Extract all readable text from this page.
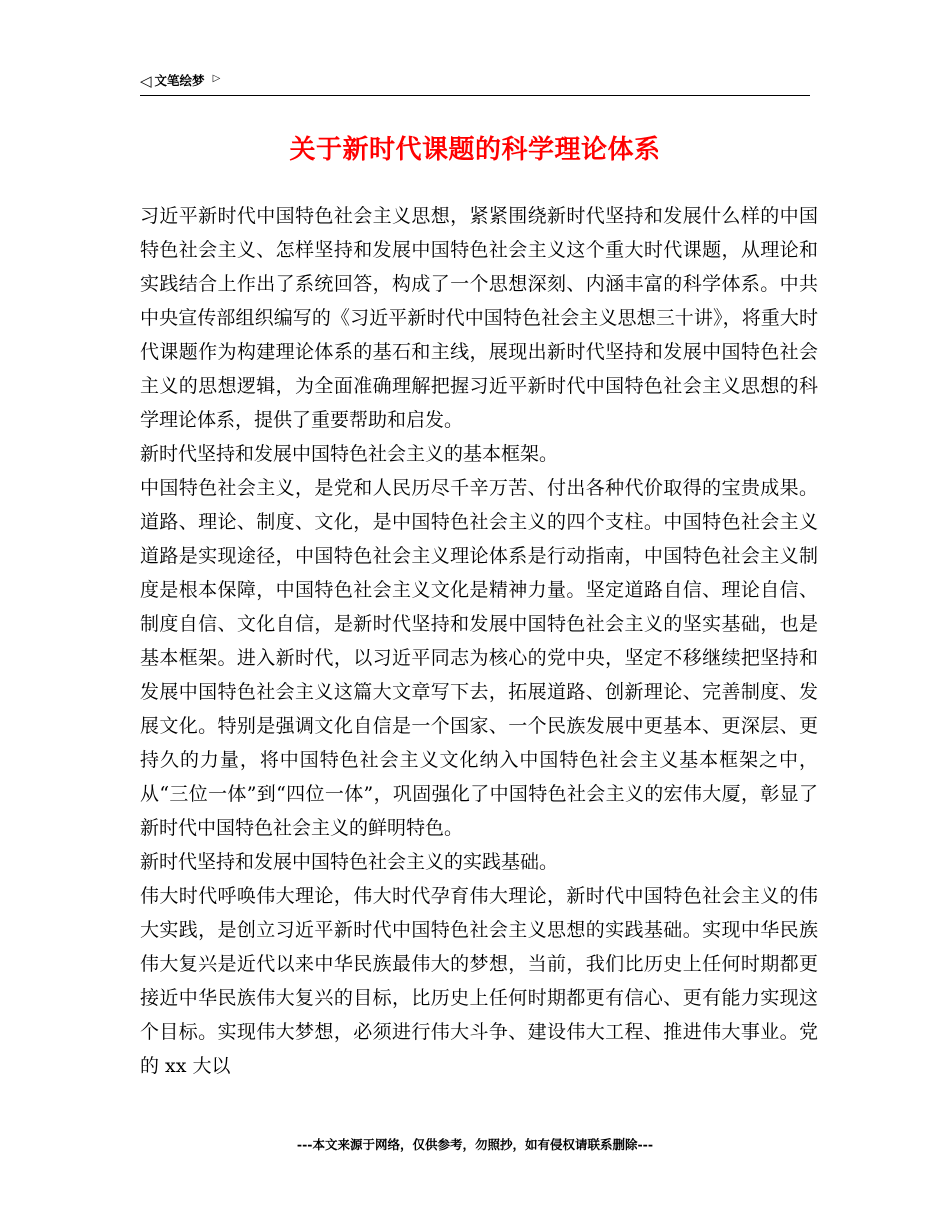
◁ 文笔绘梦 ▷
关于新时代课题的科学理论体系

习近平新时代中国特色社会主义思想，紧紧围绕新时代坚持和发展什么样的中国特色社会主义、怎样坚持和发展中国特色社会主义这个重大时代课题，从理论和实践结合上作出了系统回答，构成了一个思想深刻、内涵丰富的科学体系。中共中央宣传部组织编写的《习近平新时代中国特色社会主义思想三十讲》，将重大时代课题作为构建理论体系的基石和主线，展现出新时代坚持和发展中国特色社会主义的思想逻辑，为全面准确理解把握习近平新时代中国特色社会主义思想的科学理论体系，提供了重要帮助和启发。

新时代坚持和发展中国特色社会主义的基本框架。

中国特色社会主义，是党和人民历尽千辛万苦、付出各种代价取得的宝贵成果。道路、理论、制度、文化，是中国特色社会主义的四个支柱。中国特色社会主义道路是实现途径，中国特色社会主义理论体系是行动指南，中国特色社会主义制度是根本保障，中国特色社会主义文化是精神力量。坚定道路自信、理论自信、制度自信、文化自信，是新时代坚持和发展中国特色社会主义的坚实基础，也是基本框架。进入新时代，以习近平同志为核心的党中央，坚定不移继续把坚持和发展中国特色社会主义这篇大文章写下去，拓展道路、创新理论、完善制度、发展文化。特别是强调文化自信是一个国家、一个民族发展中更基本、更深层、更持久的力量，将中国特色社会主义文化纳入中国特色社会主义基本框架之中，从“三位一体”到“四位一体”，巩固强化了中国特色社会主义的宏伟大厦，彰显了新时代中国特色社会主义的鲜明特色。

新时代坚持和发展中国特色社会主义的实践基础。

伟大时代呼唤伟大理论，伟大时代孕育伟大理论，新时代中国特色社会主义的伟大实践，是创立习近平新时代中国特色社会主义思想的实践基础。实现中华民族伟大复兴是近代以来中华民族最伟大的梦想，当前，我们比历史上任何时期都更接近中华民族伟大复兴的目标，比历史上任何时期都更有信心、更有能力实现这个目标。实现伟大梦想，必须进行伟大斗争、建设伟大工程、推进伟大事业。党的 xx 大以

---本文来源于网络，仅供参考，勿照抄，如有侵权请联系删除---
